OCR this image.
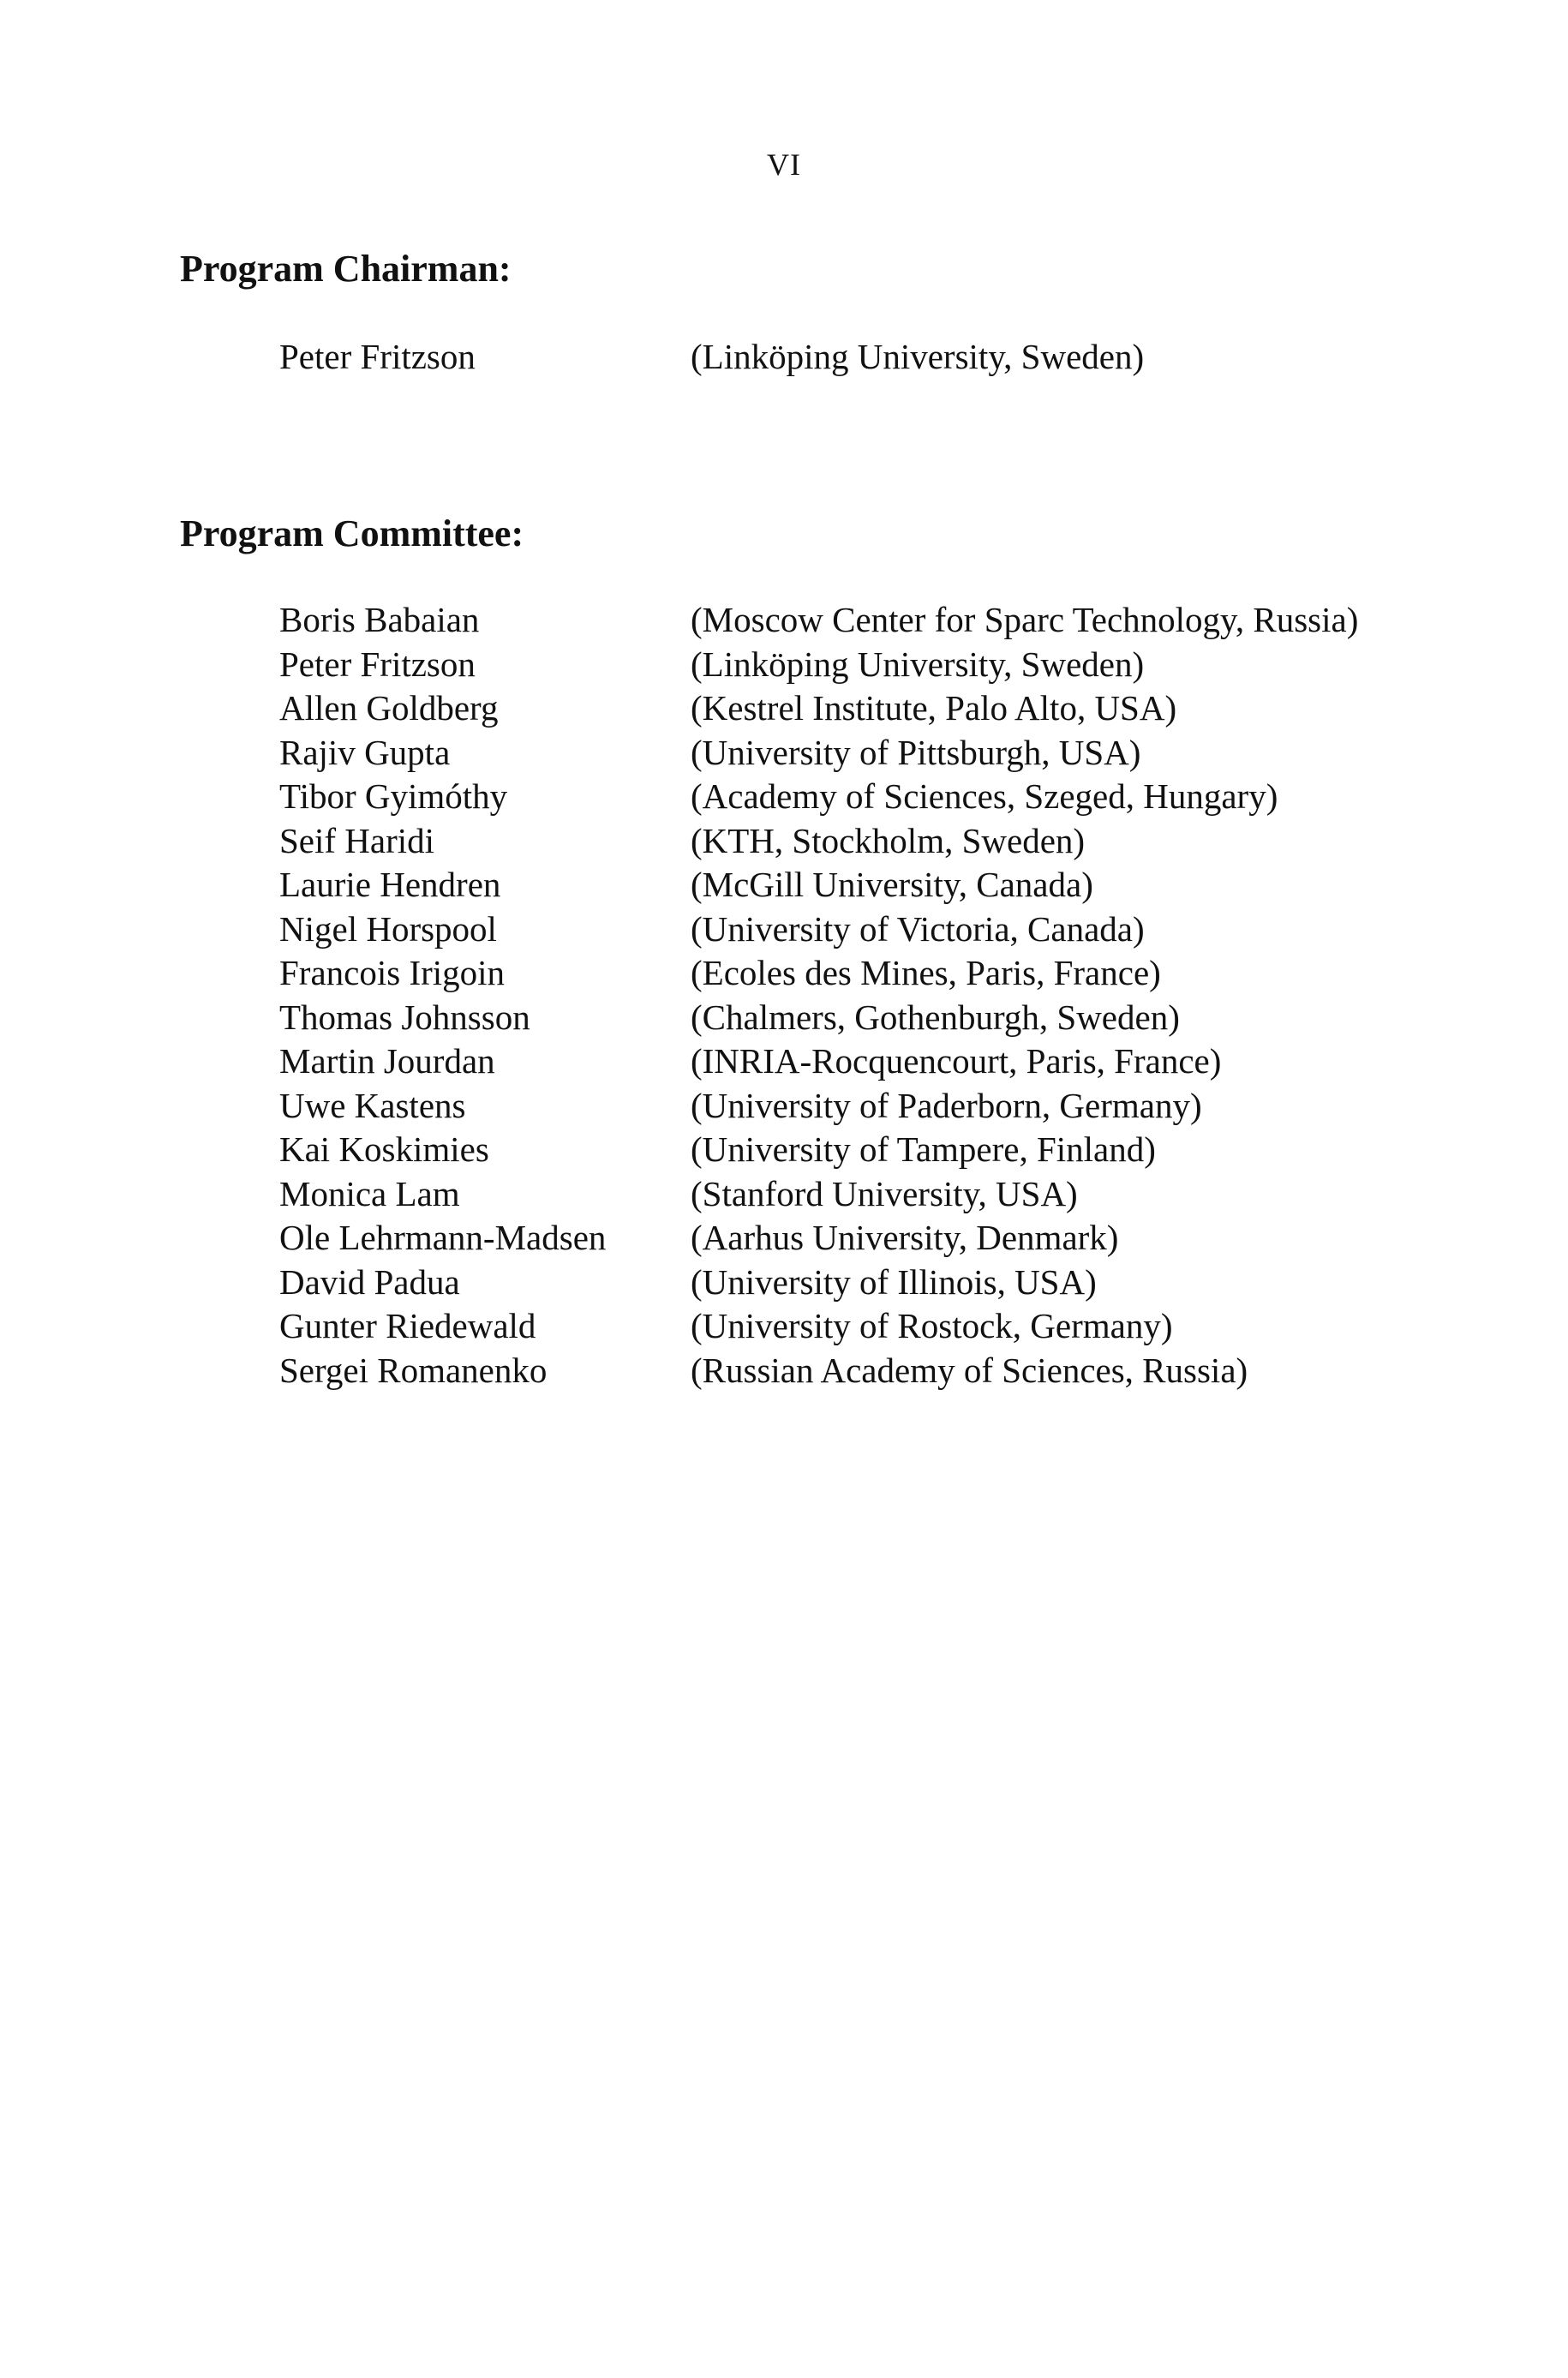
VI
Program Chairman:
Peter Fritzson	(Linköping University, Sweden)
Program Committee:
Boris Babaian	(Moscow Center for Sparc Technology, Russia)
Peter Fritzson	(Linköping University, Sweden)
Allen Goldberg	(Kestrel Institute, Palo Alto, USA)
Rajiv Gupta	(University of Pittsburgh, USA)
Tibor Gyimóthy	(Academy of Sciences, Szeged, Hungary)
Seif Haridi	(KTH, Stockholm, Sweden)
Laurie Hendren	(McGill University, Canada)
Nigel Horspool	(University of Victoria, Canada)
Francois Irigoin	(Ecoles des Mines, Paris, France)
Thomas Johnsson	(Chalmers, Gothenburgh, Sweden)
Martin Jourdan	(INRIA-Rocquencourt, Paris, France)
Uwe Kastens	(University of Paderborn, Germany)
Kai Koskimies	(University of Tampere, Finland)
Monica Lam	(Stanford University, USA)
Ole Lehrmann-Madsen (Aarhus University, Denmark)
David Padua	(University of Illinois, USA)
Gunter Riedewald	(University of Rostock, Germany)
Sergei Romanenko	(Russian Academy of Sciences, Russia)
